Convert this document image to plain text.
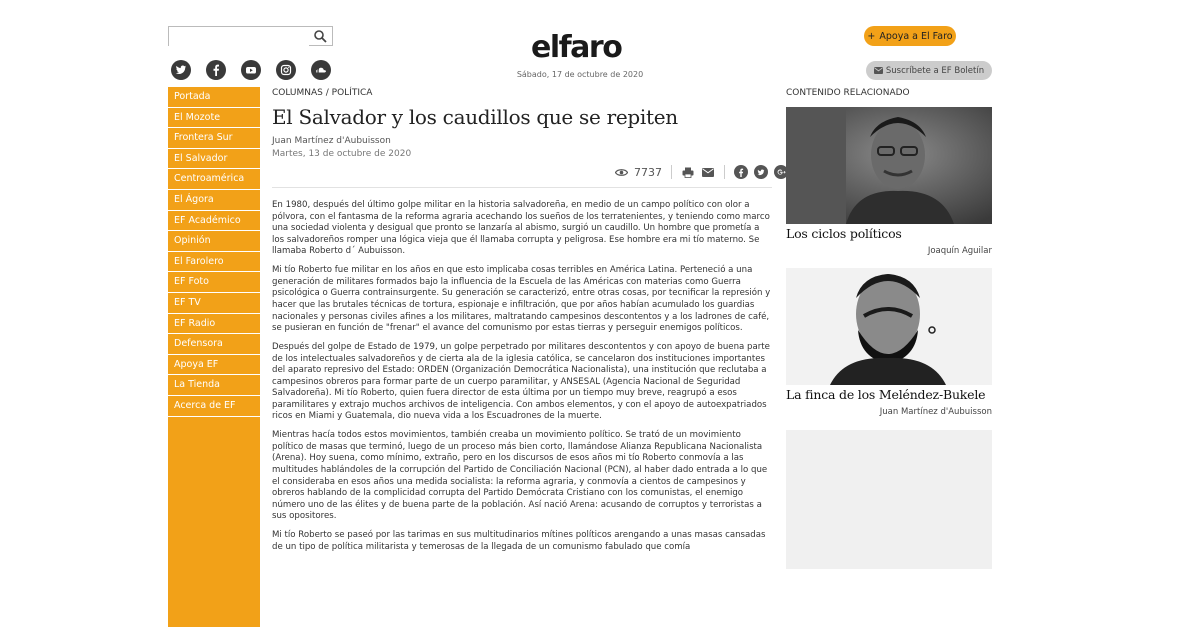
elfaro
Sábado, 17 de octubre de 2020
+ Apoya a El Faro
Suscríbete a EF Boletín
Portada
El Mozote
Frontera Sur
El Salvador
Centroamérica
El Ágora
EF Académico
Opinión
El Farolero
EF Foto
EF TV
EF Radio
Defensora
Apoya EF
La Tienda
Acerca de EF
COLUMNAS / POLÍTICA
El Salvador y los caudillos que se repiten
Juan Martínez d'Aubuisson
Martes, 13 de octubre de 2020
7737

En 1980, después del último golpe militar en la historia salvadoreña, en medio de un campo político con olor a pólvora, con el fantasma de la reforma agraria acechando los sueños de los terratenientes, y teniendo como marco una sociedad violenta y desigual que pronto se lanzaría al abismo, surgió un caudillo. Un hombre que prometía a los salvadoreños romper una lógica vieja que él llamaba corrupta y peligrosa. Ese hombre era mi tío materno. Se llamaba Roberto d´ Aubuisson.

Mi tío Roberto fue militar en los años en que esto implicaba cosas terribles en América Latina. Perteneció a una generación de militares formados bajo la influencia de la Escuela de las Américas con materias como Guerra psicológica o Guerra contrainsurgente. Su generación se caracterizó, entre otras cosas, por tecnificar la represión y hacer que las brutales técnicas de tortura, espionaje e infiltración, que por años habían acumulado los guardias nacionales y personas civiles afines a los militares, maltratando campesinos descontentos y a los ladrones de café, se pusieran en función de "frenar" el avance del comunismo por estas tierras y perseguir enemigos políticos.

Después del golpe de Estado de 1979, un golpe perpetrado por militares descontentos y con apoyo de buena parte de los intelectuales salvadoreños y de cierta ala de la iglesia católica, se cancelaron dos instituciones importantes del aparato represivo del Estado: ORDEN (Organización Democrática Nacionalista), una institución que reclutaba a campesinos obreros para formar parte de un cuerpo paramilitar, y ANSESAL (Agencia Nacional de Seguridad Salvadoreña). Mi tío Roberto, quien fuera director de esta última por un tiempo muy breve, reagrupó a esos paramilitares y extrajo muchos archivos de inteligencia. Con ambos elementos, y con el apoyo de autoexpatriados ricos en Miami y Guatemala, dio nueva vida a los Escuadrones de la muerte.

Mientras hacía todos estos movimientos, también creaba un movimiento político. Se trató de un movimiento político de masas que terminó, luego de un proceso más bien corto, llamándose Alianza Republicana Nacionalista (Arena). Hoy suena, como mínimo, extraño, pero en los discursos de esos años mi tío Roberto conmovía a las multitudes hablándoles de la corrupción del Partido de Conciliación Nacional (PCN), al haber dado entrada a lo que el consideraba en esos años una medida socialista: la reforma agraria, y conmovía a cientos de campesinos y obreros hablando de la complicidad corrupta del Partido Demócrata Cristiano con los comunistas, el enemigo número uno de las élites y de buena parte de la población. Así nació Arena: acusando de corruptos y terroristas a sus opositores.

Mi tío Roberto se paseó por las tarimas en sus multitudinarios mítines políticos arengando a unas masas cansadas de un tipo de política militarista y temerosas de la llegada de un comunismo fabulado que comía

CONTENIDO RELACIONADO
Los ciclos políticos
Joaquín Aguilar
La finca de los Meléndez-Bukele
Juan Martínez d'Aubuisson
